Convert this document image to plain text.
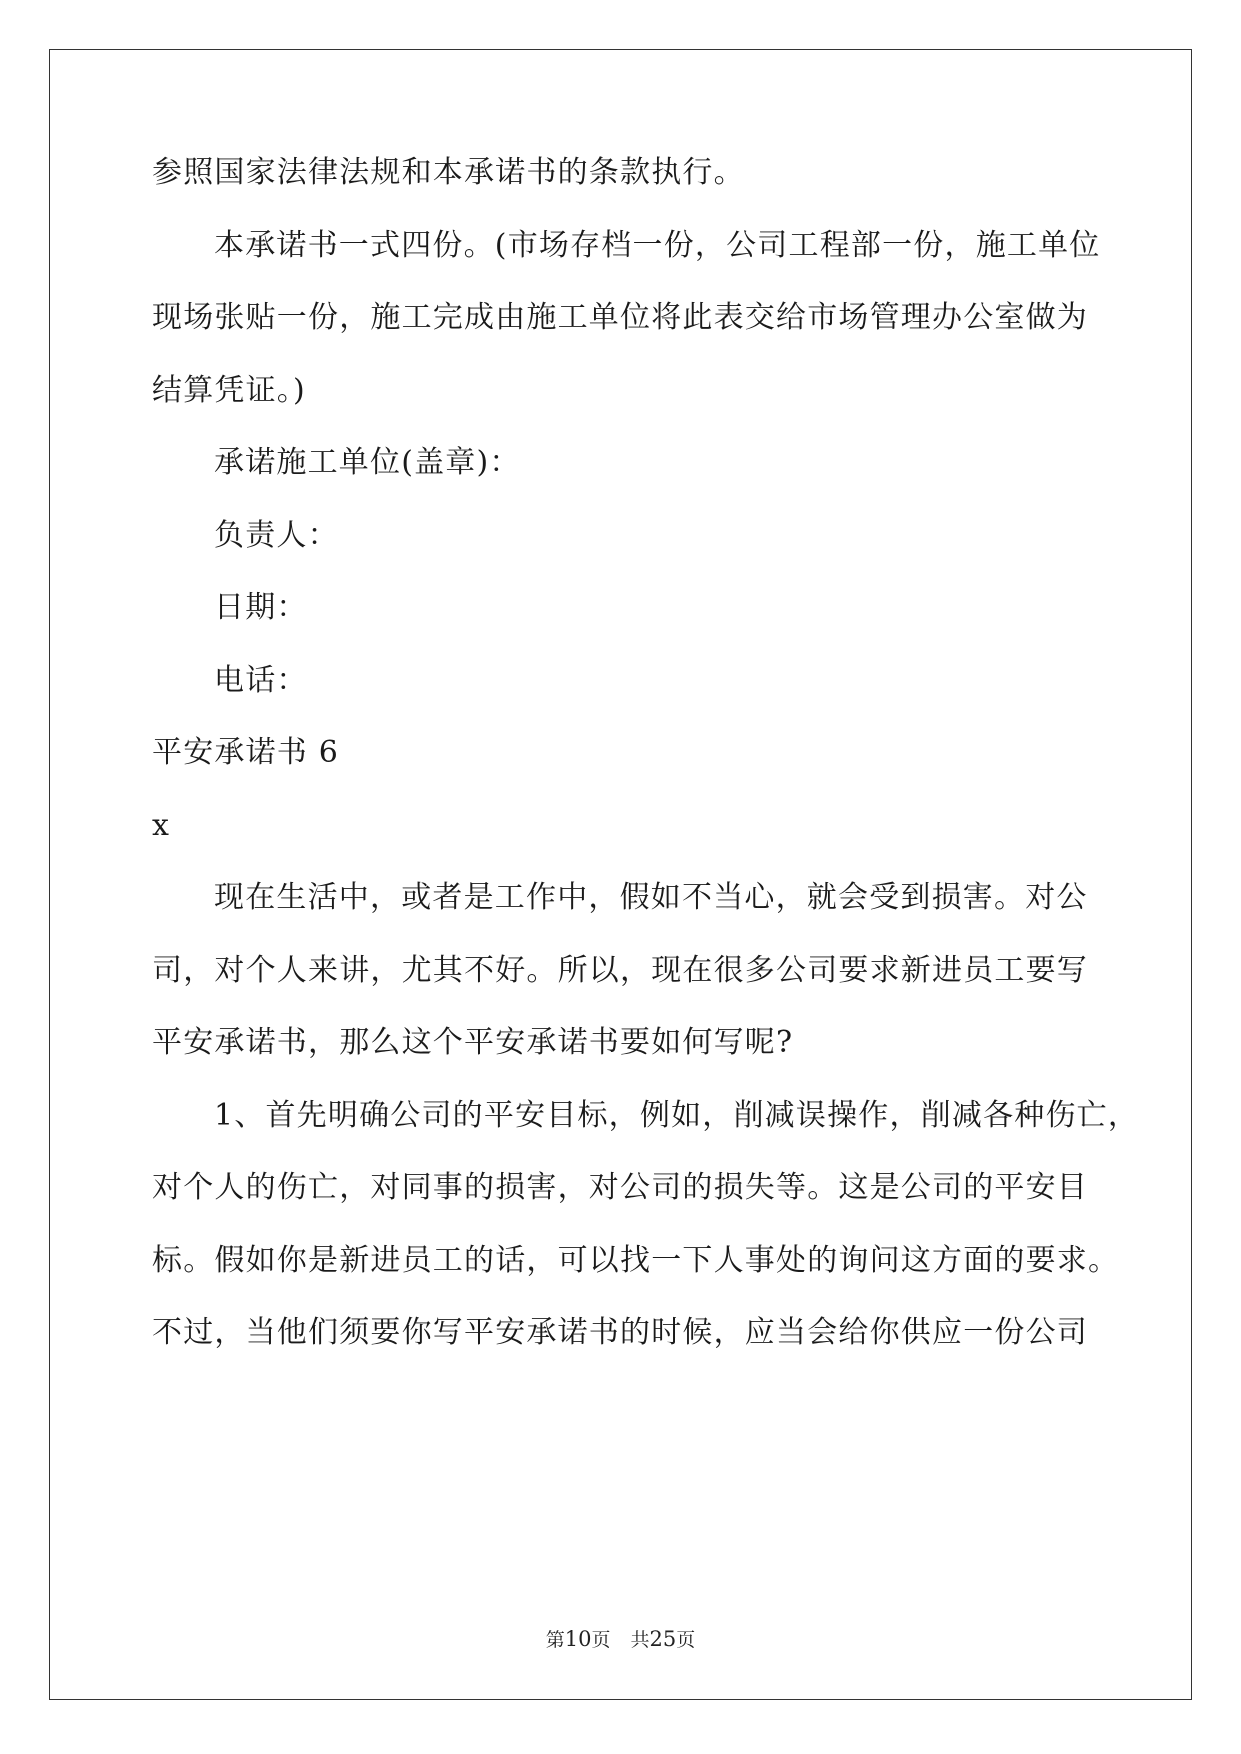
参照国家法律法规和本承诺书的条款执行。
本承诺书一式四份。(市场存档一份，公司工程部一份，施工单位
现场张贴一份，施工完成由施工单位将此表交给市场管理办公室做为
结算凭证。)
承诺施工单位(盖章)：
负责人：
日期：
电话：
平安承诺书 6
x
现在生活中，或者是工作中，假如不当心，就会受到损害。对公
司，对个人来讲，尤其不好。所以，现在很多公司要求新进员工要写
平安承诺书，那么这个平安承诺书要如何写呢?
1、首先明确公司的平安目标，例如，削减误操作，削减各种伤亡，
对个人的伤亡，对同事的损害，对公司的损失等。这是公司的平安目
标。假如你是新进员工的话，可以找一下人事处的询问这方面的要求。
不过，当他们须要你写平安承诺书的时候，应当会给你供应一份公司
第10页 共25页
